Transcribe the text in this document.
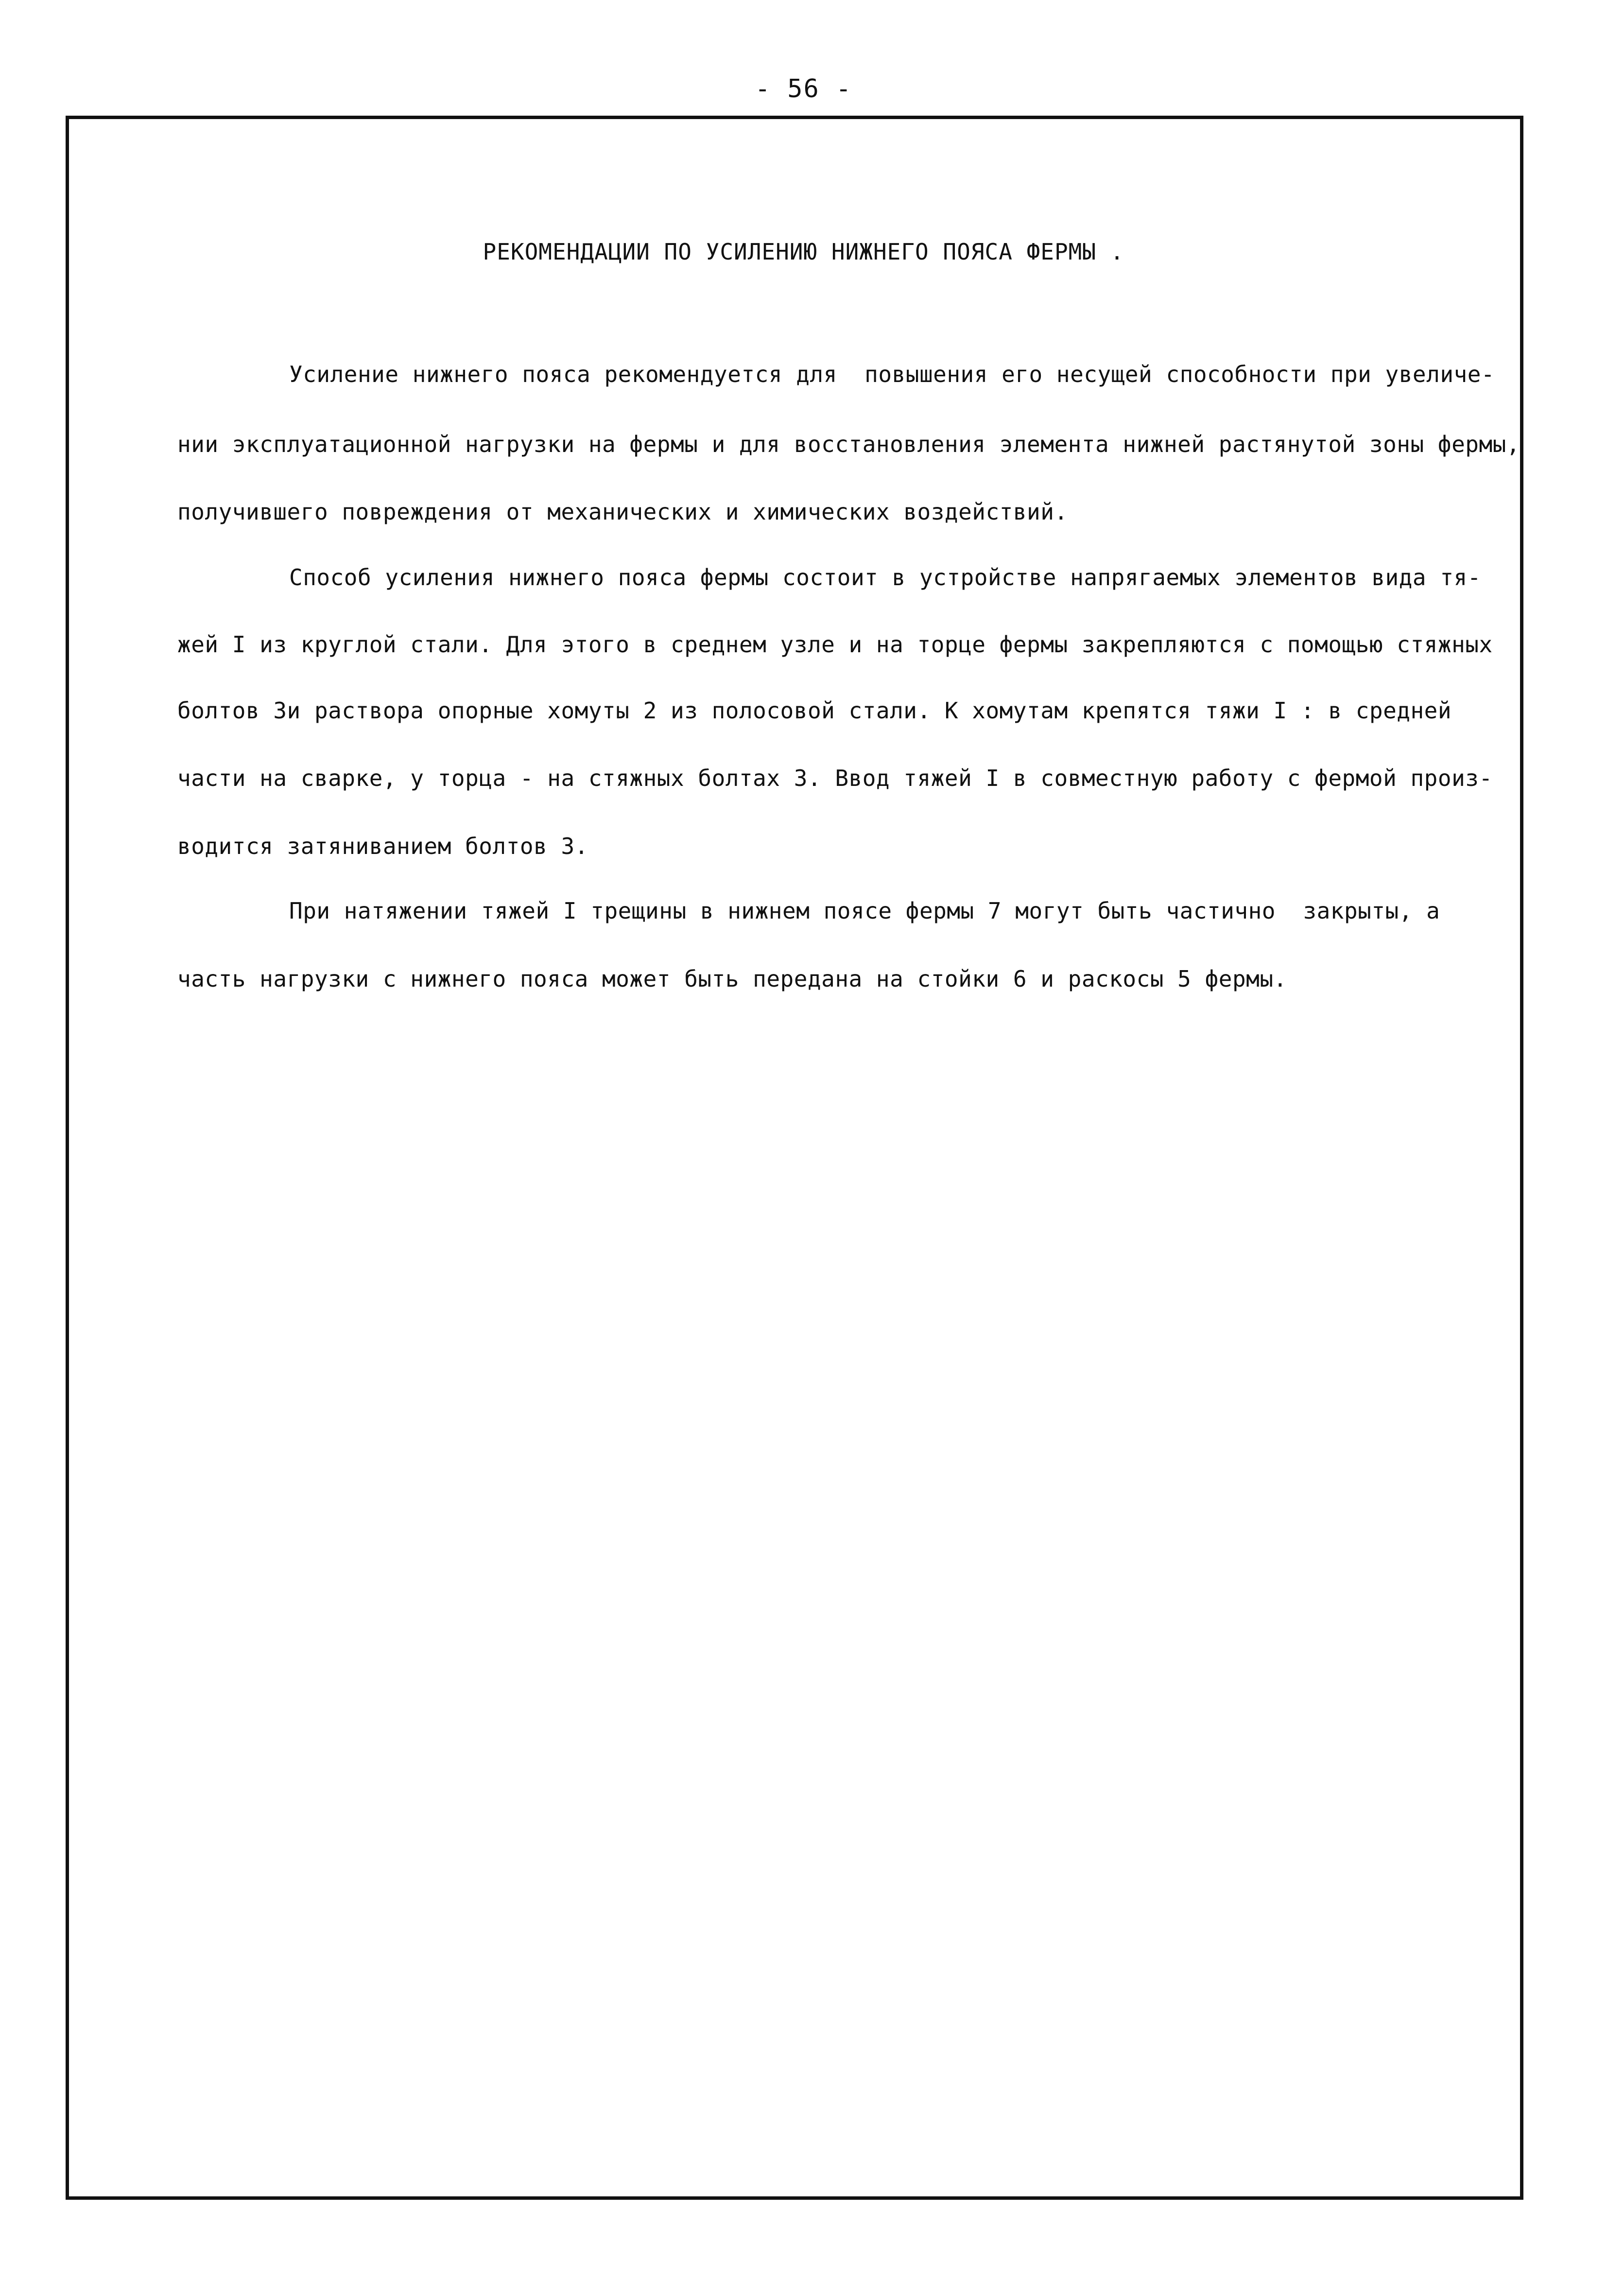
- 56 -
РЕКОМЕНДАЦИИ ПО УСИЛЕНИЮ НИЖНЕГО ПОЯСА ФЕРМЫ .
Усиление нижнего пояса рекомендуется для  повышения его несущей способности при увеличе-
нии эксплуатационной нагрузки на фермы и для восстановления элемента нижней растянутой зоны фермы,
получившего повреждения от механических и химических воздействий.
Способ усиления нижнего пояса фермы состоит в устройстве напрягаемых элементов вида тя-
жей I из круглой стали. Для этого в среднем узле и на торце фермы закрепляются с помощью стяжных
болтов 3и раствора опорные хомуты 2 из полосовой стали. К хомутам крепятся тяжи I : в средней
части на сварке, у торца - на стяжных болтах 3. Ввод тяжей I в совместную работу с фермой произ-
водится затяниванием болтов 3.
При натяжении тяжей I трещины в нижнем поясе фермы 7 могут быть частично  закрыты, а
часть нагрузки с нижнего пояса может быть передана на стойки 6 и раскосы 5 фермы.
